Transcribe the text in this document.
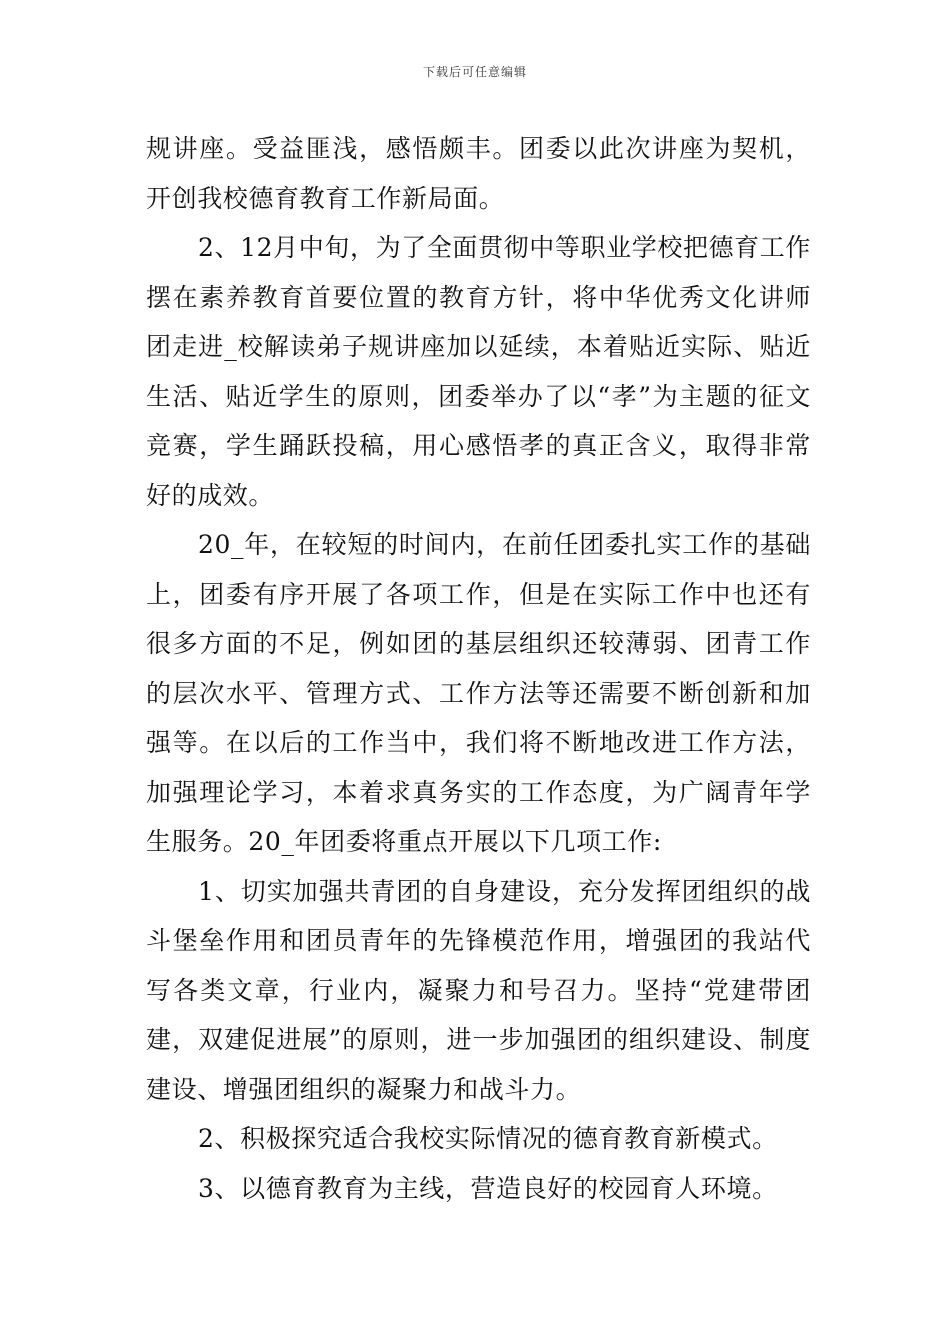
下载后可任意编辑

规讲座。受益匪浅，感悟颇丰。团委以此次讲座为契机，开创我校德育教育工作新局面。

2、12月中旬，为了全面贯彻中等职业学校把德育工作摆在素养教育首要位置的教育方针，将中华优秀文化讲师团走进_校解读弟子规讲座加以延续，本着贴近实际、贴近生活、贴近学生的原则，团委举办了以“孝”为主题的征文竞赛，学生踊跃投稿，用心感悟孝的真正含义，取得非常好的成效。

20_年，在较短的时间内，在前任团委扎实工作的基础上，团委有序开展了各项工作，但是在实际工作中也还有很多方面的不足，例如团的基层组织还较薄弱、团青工作的层次水平、管理方式、工作方法等还需要不断创新和加强等。在以后的工作当中，我们将不断地改进工作方法，加强理论学习，本着求真务实的工作态度，为广阔青年学生服务。20_年团委将重点开展以下几项工作:

1、切实加强共青团的自身建设，充分发挥团组织的战斗堡垒作用和团员青年的先锋模范作用，增强团的我站代写各类文章，行业内，凝聚力和号召力。坚持“党建带团建，双建促进展”的原则，进一步加强团的组织建设、制度建设、增强团组织的凝聚力和战斗力。

2、积极探究适合我校实际情况的德育教育新模式。

3、以德育教育为主线，营造良好的校园育人环境。
